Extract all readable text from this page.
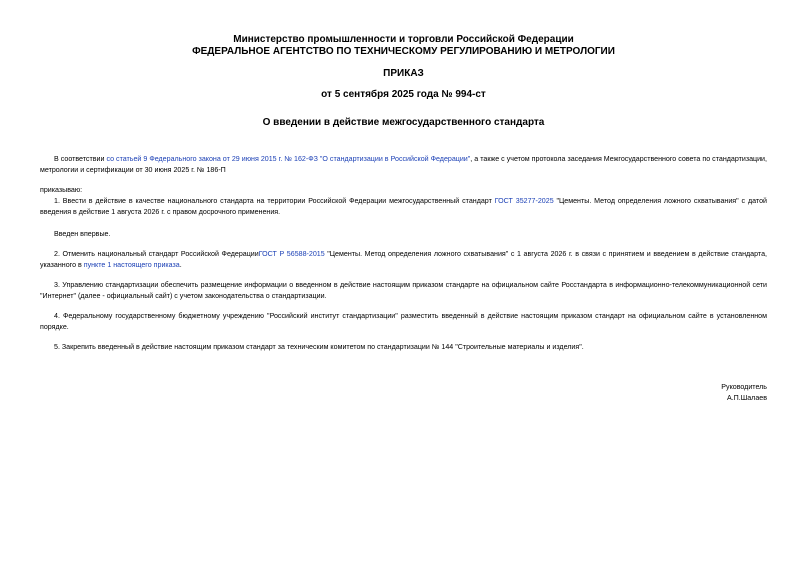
Министерство промышленности и торговли Российской Федерации
ФЕДЕРАЛЬНОЕ АГЕНТСТВО ПО ТЕХНИЧЕСКОМУ РЕГУЛИРОВАНИЮ И МЕТРОЛОГИИ
ПРИКАЗ
от 5 сентября 2025 года № 994-ст
О введении в действие межгосударственного стандарта
В соответствии со статьей 9 Федерального закона от 29 июня 2015 г. № 162-ФЗ "О стандартизации в Российской Федерации", а также с учетом протокола заседания Межгосударственного совета по стандартизации, метрологии и сертификации от 30 июня 2025 г. № 186-П
приказываю:
1. Ввести в действие в качестве национального стандарта на территории Российской Федерации межгосударственный стандарт ГОСТ 35277-2025 "Цементы. Метод определения ложного схватывания" с датой введения в действие 1 августа 2026 г. с правом досрочного применения.
Введен впервые.
2. Отменить национальный стандарт Российской ФедерацииГОСТ Р 56588-2015 "Цементы. Метод определения ложного схватывания" с 1 августа 2026 г. в связи с принятием и введением в действие стандарта, указанного в пункте 1 настоящего приказа.
3. Управлению стандартизации обеспечить размещение информации о введенном в действие настоящим приказом стандарте на официальном сайте Росстандарта в информационно-телекоммуникационной сети "Интернет" (далее - официальный сайт) с учетом законодательства о стандартизации.
4. Федеральному государственному бюджетному учреждению "Российский институт стандартизации" разместить введенный в действие настоящим приказом стандарт на официальном сайте в установленном порядке.
5. Закрепить введенный в действие настоящим приказом стандарт за техническим комитетом по стандартизации № 144 "Строительные материалы и изделия".
Руководитель
А.П.Шалаев
